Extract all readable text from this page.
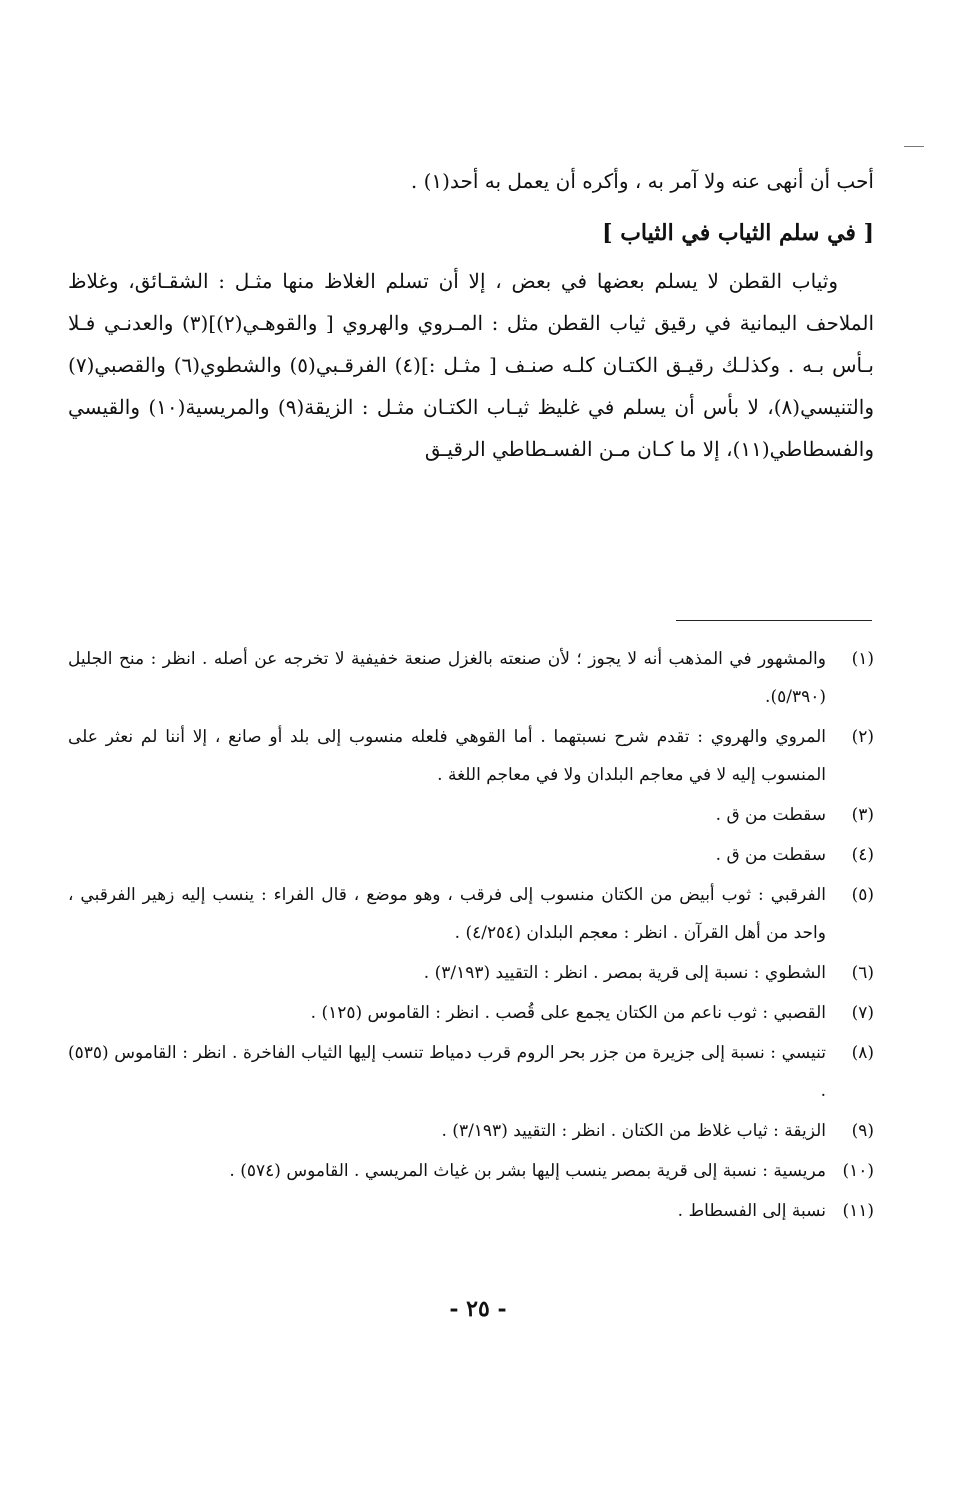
أحب أن أنهى عنه ولا آمر به ، وأكره أن يعمل به أحد(١) .
[ في سلم الثياب في الثياب ]
وثياب القطن لا يسلم بعضها في بعض ، إلا أن تسلم الغلاظ منها مثـل : الشقـائق، وغلاظ الملاحف اليمانية في رقيق ثياب القطن مثل : المـروي والهروي [ والقوهـي(٢)](٣) والعدنـي فـلا بـأس بـه . وكذلـك رقيـق الكتـان كلـه صنـف [ مثـل :](٤) الفرقـبي(٥) والشطوي(٦) والقصبي(٧) والتنيسي(٨)، لا بأس أن يسلم في غليظ ثيـاب الكتـان مثـل : الزيقة(٩) والمريسية(١٠) والقيسي والفسطاطي(١١)، إلا ما كـان مـن الفسـطاطي الرقيـق
(١)
والمشهور في المذهب أنه لا يجوز ؛ لأن صنعته بالغزل صنعة خفيفية لا تخرجه عن أصله . انظر : منح الجليل (٥/٣٩٠).
(٢)
المروي والهروي : تقدم شرح نسبتهما . أما القوهي فلعله منسوب إلى بلد أو صانع ، إلا أننا لم نعثر على المنسوب إليه لا في معاجم البلدان ولا في معاجم اللغة .
(٣)
سقطت من ق .
(٤)
سقطت من ق .
(٥)
الفرقبي : ثوب أبيض من الكتان منسوب إلى فرقب ، وهو موضع ، قال الفراء : ينسب إليه زهير الفرقبي ، واحد من أهل القرآن . انظر : معجم البلدان (٤/٢٥٤) .
(٦)
الشطوي : نسبة إلى قرية بمصر . انظر : التقييد (٣/١٩٣) .
(٧)
القصبي : ثوب ناعم من الكتان يجمع على قُصب . انظر : القاموس (١٢٥) .
(٨)
تنيسي : نسبة إلى جزيرة من جزر بحر الروم قرب دمياط تنسب إليها الثياب الفاخرة . انظر : القاموس (٥٣٥) .
(٩)
الزيقة : ثياب غلاظ من الكتان . انظر : التقييد (٣/١٩٣) .
(١٠)
مريسية : نسبة إلى قرية بمصر ينسب إليها بشر بن غياث المريسي . القاموس (٥٧٤) .
(١١)
نسبة إلى الفسطاط .
- ٢٥ -
